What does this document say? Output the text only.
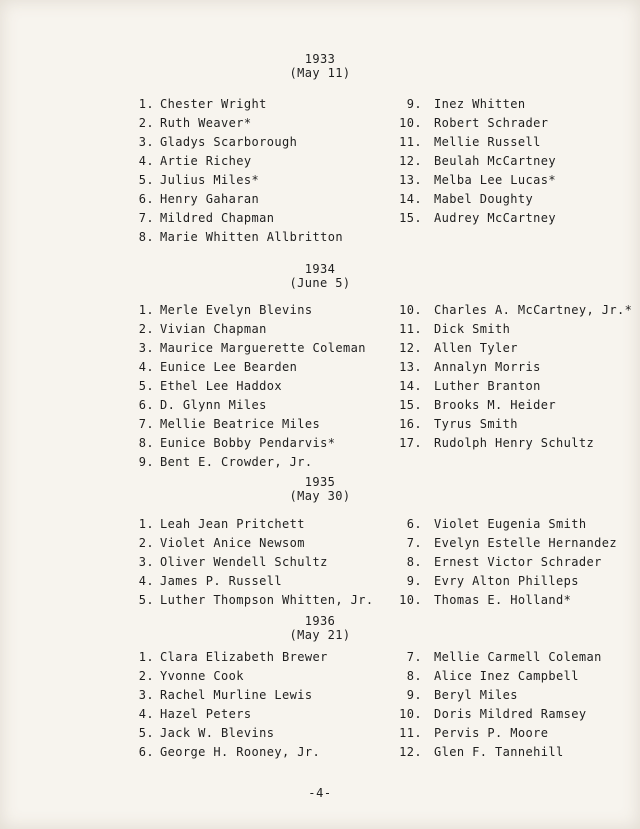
1933
(May 11)
1. Chester Wright
2. Ruth Weaver*
3. Gladys Scarborough
4. Artie Richey
5. Julius Miles*
6. Henry Gaharan
7. Mildred Chapman
8. Marie Whitten Allbritton
9. Inez Whitten
10. Robert Schrader
11. Mellie Russell
12. Beulah McCartney
13. Melba Lee Lucas*
14. Mabel Doughty
15. Audrey McCartney
1934
(June 5)
1. Merle Evelyn Blevins
2. Vivian Chapman
3. Maurice Marguerette Coleman
4. Eunice Lee Bearden
5. Ethel Lee Haddox
6. D. Glynn Miles
7. Mellie Beatrice Miles
8. Eunice Bobby Pendarvis*
9. Bent E. Crowder, Jr.
10. Charles A. McCartney, Jr.*
11. Dick Smith
12. Allen Tyler
13. Annalyn Morris
14. Luther Branton
15. Brooks M. Heider
16. Tyrus Smith
17. Rudolph Henry Schultz
1935
(May 30)
1. Leah Jean Pritchett
2. Violet Anice Newsom
3. Oliver Wendell Schultz
4. James P. Russell
5. Luther Thompson Whitten, Jr.
6. Violet Eugenia Smith
7. Evelyn Estelle Hernandez
8. Ernest Victor Schrader
9. Evry Alton Philleps
10. Thomas E. Holland*
1936
(May 21)
1. Clara Elizabeth Brewer
2. Yvonne Cook
3. Rachel Murline Lewis
4. Hazel Peters
5. Jack W. Blevins
6. George H. Rooney, Jr.
7. Mellie Carmell Coleman
8. Alice Inez Campbell
9. Beryl Miles
10. Doris Mildred Ramsey
11. Pervis P. Moore
12. Glen F. Tannehill
-4-
